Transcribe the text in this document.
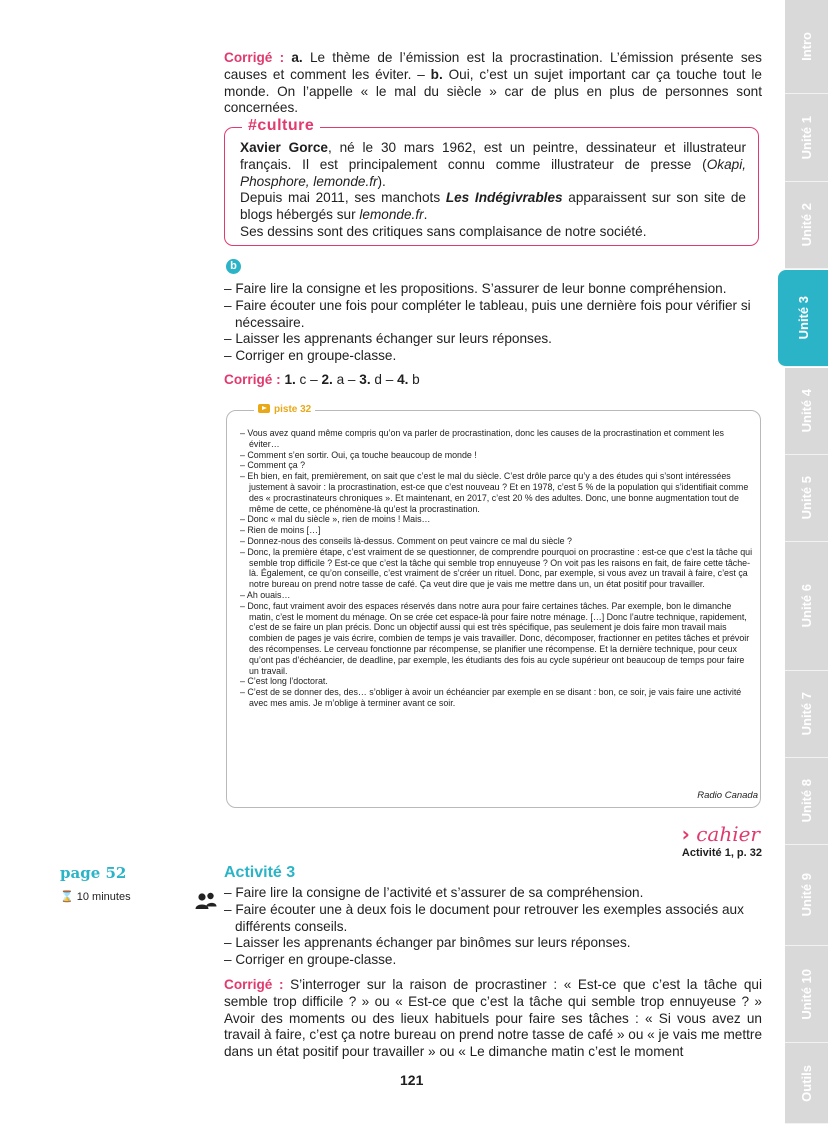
Corrigé : a. Le thème de l’émission est la procrastination. L’émission présente ses causes et comment les éviter. – b. Oui, c’est un sujet important car ça touche tout le monde. On l’appelle « le mal du siècle » car de plus en plus de personnes sont concernées.

#culture
Xavier Gorce, né le 30 mars 1962, est un peintre, dessinateur et illustrateur français. Il est principalement connu comme illustrateur de presse (Okapi, Phosphore, lemonde.fr).
Depuis mai 2011, ses manchots Les Indégivrables apparaissent sur son site de blogs hébergés sur lemonde.fr.
Ses dessins sont des critiques sans complaisance de notre société.
b
– Faire lire la consigne et les propositions. S’assurer de leur bonne compréhension.
– Faire écouter une fois pour compléter le tableau, puis une dernière fois pour vérifier si nécessaire.
– Laisser les apprenants échanger sur leurs réponses.
– Corriger en groupe-classe.

Corrigé : 1. c – 2. a – 3. d – 4. b

piste 32
– Vous avez quand même compris qu’on va parler de procrastination, donc les causes de la procrastination et comment les éviter…
– Comment s’en sortir. Oui, ça touche beaucoup de monde !
– Comment ça ?
– Eh bien, en fait, premièrement, on sait que c’est le mal du siècle. C’est drôle parce qu’y a des études qui s’sont intéressées justement à savoir : la procrastination, est-ce que c’est nouveau ? Et en 1978, c’est 5 % de la population qui s’identifiait comme des « procrastinateurs chroniques ». Et maintenant, en 2017, c’est 20 % des adultes. Donc, une bonne augmentation tout de même de cette, ce phénomène-là qu’est la procrastination.
– Donc « mal du siècle », rien de moins ! Mais…
– Rien de moins […]
– Donnez-nous des conseils là-dessus. Comment on peut vaincre ce mal du siècle ?
– Donc, la première étape, c’est vraiment de se questionner, de comprendre pourquoi on procrastine : est-ce que c’est la tâche qui semble trop difficile ? Est-ce que c’est la tâche qui semble trop ennuyeuse ? On voit pas les raisons en fait, de faire cette tâche-là. Également, ce qu’on conseille, c’est vraiment de s’créer un rituel. Donc, par exemple, si vous avez un travail à faire, c’est ça notre bureau on prend notre tasse de café. Ça veut dire que je vais me mettre dans un, un état positif pour travailler.
– Ah ouais…
– Donc, faut vraiment avoir des espaces réservés dans notre aura pour faire certaines tâches. Par exemple, bon le dimanche matin, c’est le moment du ménage. On se crée cet espace-là pour faire notre ménage. […] Donc l’autre technique, rapidement, c’est de se faire un plan précis. Donc un objectif aussi qui est très spécifique, pas seulement je dois faire mon travail mais combien de pages je vais écrire, combien de temps je vais travailler. Donc, décomposer, fractionner en petites tâches et prévoir des récompenses. Le cerveau fonctionne par récompense, se planifier une récompense. Et la dernière technique, pour ceux qu’ont pas d’échéancier, de deadline, par exemple, les étudiants des fois au cycle supérieur ont beaucoup de temps pour faire un travail.
– C’est long l’doctorat.
– C’est de se donner des, des… s’obliger à avoir un échéancier par exemple en se disant : bon, ce soir, je vais faire une activité avec mes amis. Je m’oblige à terminer avant ce soir.
Radio Canada
› cahier
Activité 1, p. 32
page 52
⌛ 10 minutes
Activité 3
– Faire lire la consigne de l’activité et s’assurer de sa compréhension.
– Faire écouter une à deux fois le document pour retrouver les exemples associés aux différents conseils.
– Laisser les apprenants échanger par binômes sur leurs réponses.
– Corriger en groupe-classe.

Corrigé : S’interroger sur la raison de procrastiner : « Est-ce que c’est la tâche qui semble trop difficile ? » ou « Est-ce que c’est la tâche qui semble trop ennuyeuse ? » Avoir des moments ou des lieux habituels pour faire ses tâches : « Si vous avez un travail à faire, c’est ça notre bureau on prend notre tasse de café » ou « je vais me mettre dans un état positif pour travailler » ou « Le dimanche matin c’est le moment

121
Intro
Unité 1
Unité 2
Unité 3
Unité 4
Unité 5
Unité 6
Unité 7
Unité 8
Unité 9
Unité 10
Outils
